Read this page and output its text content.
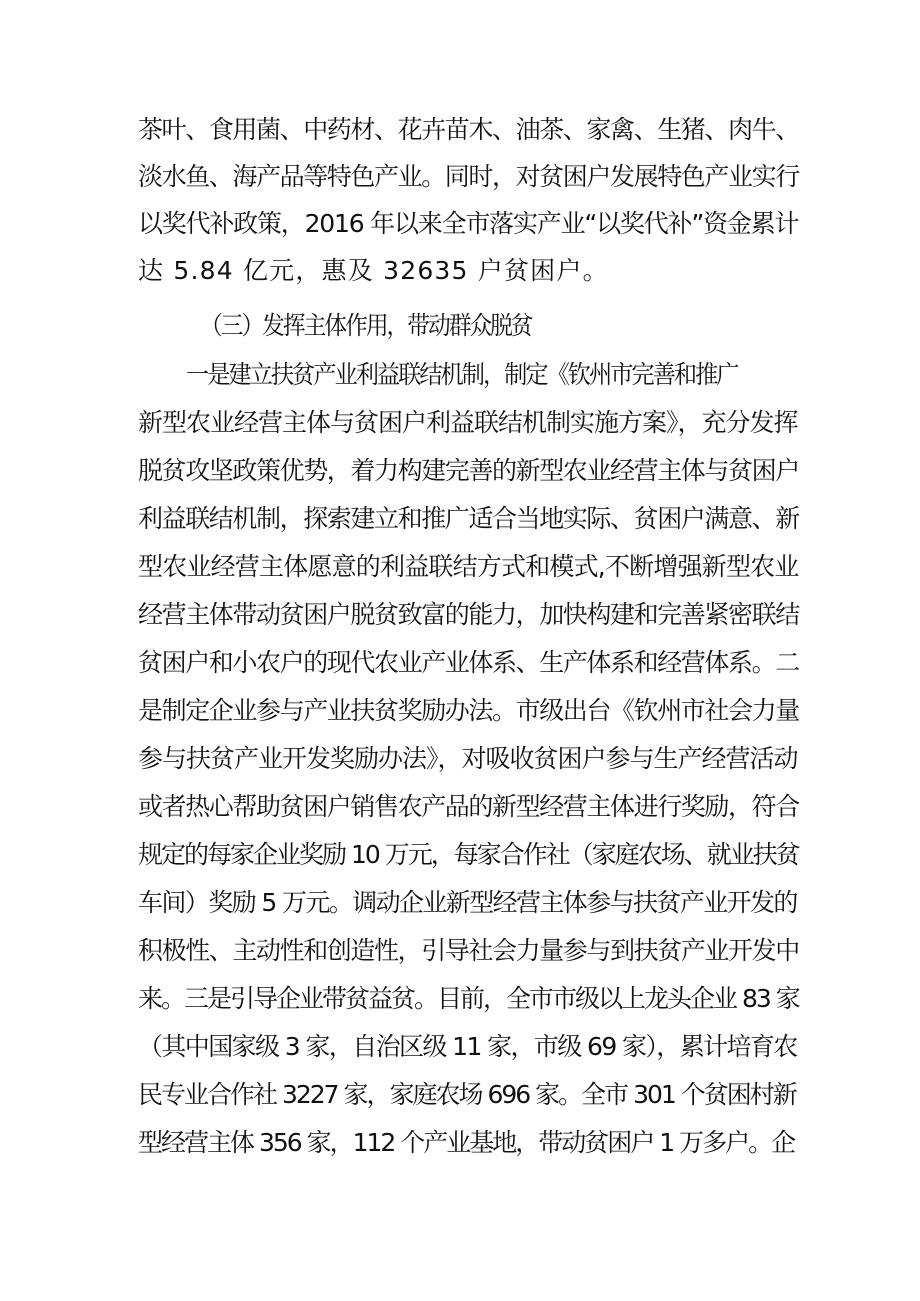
茶叶、食用菌、中药材、花卉苗木、油茶、家禽、生猪、肉牛、
淡水鱼、海产品等特色产业。同时，对贫困户发展特色产业实行
以奖代补政策，2016 年以来全市落实产业“以奖代补”资金累计
达 5.84 亿元，惠及 32635 户贫困户。
（三）发挥主体作用，带动群众脱贫
一是建立扶贫产业利益联结机制，制定《钦州市完善和推广
新型农业经营主体与贫困户利益联结机制实施方案》，充分发挥
脱贫攻坚政策优势，着力构建完善的新型农业经营主体与贫困户
利益联结机制，探索建立和推广适合当地实际、贫困户满意、新
型农业经营主体愿意的利益联结方式和模式,不断增强新型农业
经营主体带动贫困户脱贫致富的能力，加快构建和完善紧密联结
贫困户和小农户的现代农业产业体系、生产体系和经营体系。二
是制定企业参与产业扶贫奖励办法。市级出台《钦州市社会力量
参与扶贫产业开发奖励办法》，对吸收贫困户参与生产经营活动
或者热心帮助贫困户销售农产品的新型经营主体进行奖励，符合
规定的每家企业奖励 10 万元，每家合作社（家庭农场、就业扶贫
车间）奖励 5 万元。调动企业新型经营主体参与扶贫产业开发的
积极性、主动性和创造性，引导社会力量参与到扶贫产业开发中
来。三是引导企业带贫益贫。目前，全市市级以上龙头企业 83 家
（其中国家级 3 家，自治区级 11 家，市级 69 家），累计培育农
民专业合作社 3227 家，家庭农场 696 家。全市 301 个贫困村新
型经营主体 356 家，112 个产业基地，带动贫困户 1 万多户。企
